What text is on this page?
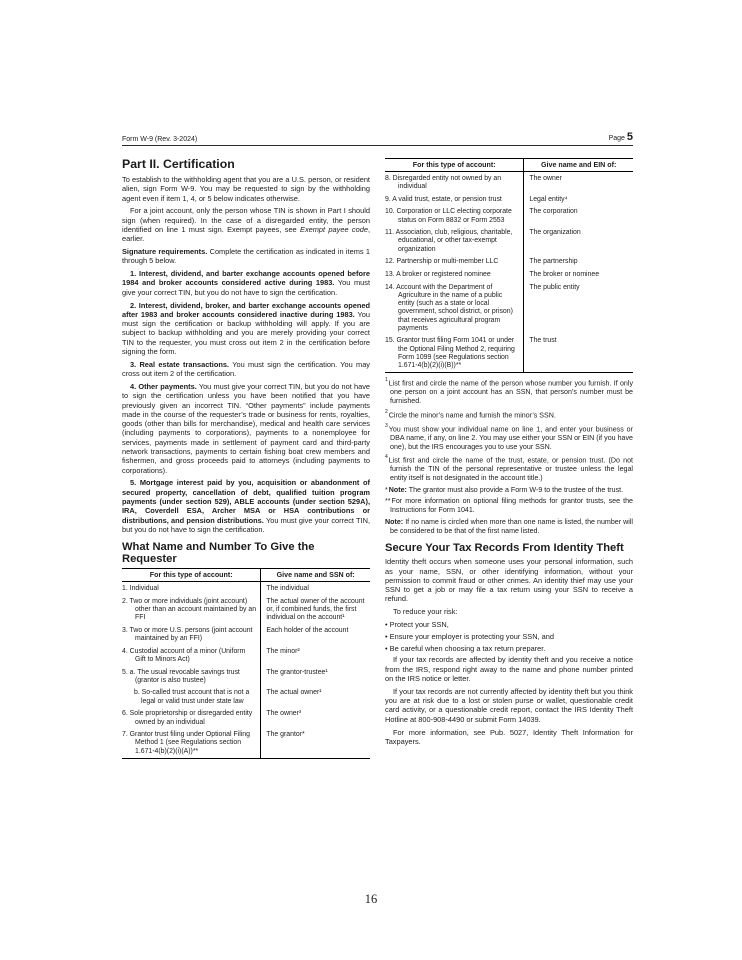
Form W-9 (Rev. 3-2024)	Page 5
Part II. Certification

To establish to the withholding agent that you are a U.S. person, or resident alien, sign Form W-9. You may be requested to sign by the withholding agent even if item 1, 4, or 5 below indicates otherwise.

For a joint account, only the person whose TIN is shown in Part I should sign (when required). In the case of a disregarded entity, the person identified on line 1 must sign. Exempt payees, see Exempt payee code, earlier.

Signature requirements. Complete the certification as indicated in items 1 through 5 below.

1. Interest, dividend, and barter exchange accounts opened before 1984 and broker accounts considered active during 1983. You must give your correct TIN, but you do not have to sign the certification.

2. Interest, dividend, broker, and barter exchange accounts opened after 1983 and broker accounts considered inactive during 1983. You must sign the certification or backup withholding will apply. If you are subject to backup withholding and you are merely providing your correct TIN to the requester, you must cross out item 2 in the certification before signing the form.

3. Real estate transactions. You must sign the certification. You may cross out item 2 of the certification.

4. Other payments. You must give your correct TIN, but you do not have to sign the certification unless you have been notified that you have previously given an incorrect TIN. “Other payments” include payments made in the course of the requester’s trade or business for rents, royalties, goods (other than bills for merchandise), medical and health care services (including payments to corporations), payments to a nonemployee for services, payments made in settlement of payment card and third-party network transactions, payments to certain fishing boat crew members and fishermen, and gross proceeds paid to attorneys (including payments to corporations).

5. Mortgage interest paid by you, acquisition or abandonment of secured property, cancellation of debt, qualified tuition program payments (under section 529), ABLE accounts (under section 529A), IRA, Coverdell ESA, Archer MSA or HSA contributions or distributions, and pension distributions. You must give your correct TIN, but you do not have to sign the certification.

What Name and Number To Give the Requester
For this type of account:	Give name and SSN of:
1. Individual	The individual
2. Two or more individuals (joint account) other than an account maintained by an FFI	The actual owner of the account or, if combined funds, the first individual on the account¹
3. Two or more U.S. persons (joint account maintained by an FFI)	Each holder of the account
4. Custodial account of a minor (Uniform Gift to Minors Act)	The minor²
5. a. The usual revocable savings trust (grantor is also trustee)	The grantor-trustee¹
b. So-called trust account that is not a legal or valid trust under state law	The actual owner¹
6. Sole proprietorship or disregarded entity owned by an individual	The owner³
7. Grantor trust filing under Optional Filing Method 1 (see Regulations section 1.671-4(b)(2)(i)(A))**	The grantor*
For this type of account:	Give name and EIN of:
8. Disregarded entity not owned by an individual	The owner
9. A valid trust, estate, or pension trust	Legal entity⁴
10. Corporation or LLC electing corporate status on Form 8832 or Form 2553	The corporation
11. Association, club, religious, charitable, educational, or other tax-exempt organization	The organization
12. Partnership or multi-member LLC	The partnership
13. A broker or registered nominee	The broker or nominee
14. Account with the Department of Agriculture in the name of a public entity (such as a state or local government, school district, or prison) that receives agricultural program payments	The public entity
15. Grantor trust filing Form 1041 or under the Optional Filing Method 2, requiring Form 1099 (see Regulations section 1.671-4(b)(2)(i)(B))**	The trust

$^1$List first and circle the name of the person whose number you furnish. If only one person on a joint account has an SSN, that person’s number must be furnished.

$^2$Circle the minor’s name and furnish the minor’s SSN.

$^3$You must show your individual name on line 1, and enter your business or DBA name, if any, on line 2. You may use either your SSN or EIN (if you have one), but the IRS encourages you to use your SSN.

$^4$List first and circle the name of the trust, estate, or pension trust. (Do not furnish the TIN of the personal representative or trustee unless the legal entity itself is not designated in the account title.)

*Note: The grantor must also provide a Form W-9 to the trustee of the trust.

**For more information on optional filing methods for grantor trusts, see the Instructions for Form 1041.

Note: If no name is circled when more than one name is listed, the number will be considered to be that of the first name listed.

Secure Your Tax Records From Identity Theft

Identity theft occurs when someone uses your personal information, such as your name, SSN, or other identifying information, without your permission to commit fraud or other crimes. An identity thief may use your SSN to get a job or may file a tax return using your SSN to receive a refund.

To reduce your risk:

• Protect your SSN,

• Ensure your employer is protecting your SSN, and

• Be careful when choosing a tax return preparer.

If your tax records are affected by identity theft and you receive a notice from the IRS, respond right away to the name and phone number printed on the IRS notice or letter.

If your tax records are not currently affected by identity theft but you think you are at risk due to a lost or stolen purse or wallet, questionable credit card activity, or a questionable credit report, contact the IRS Identity Theft Hotline at 800-908-4490 or submit Form 14039.

For more information, see Pub. 5027, Identity Theft Information for Taxpayers.

16
